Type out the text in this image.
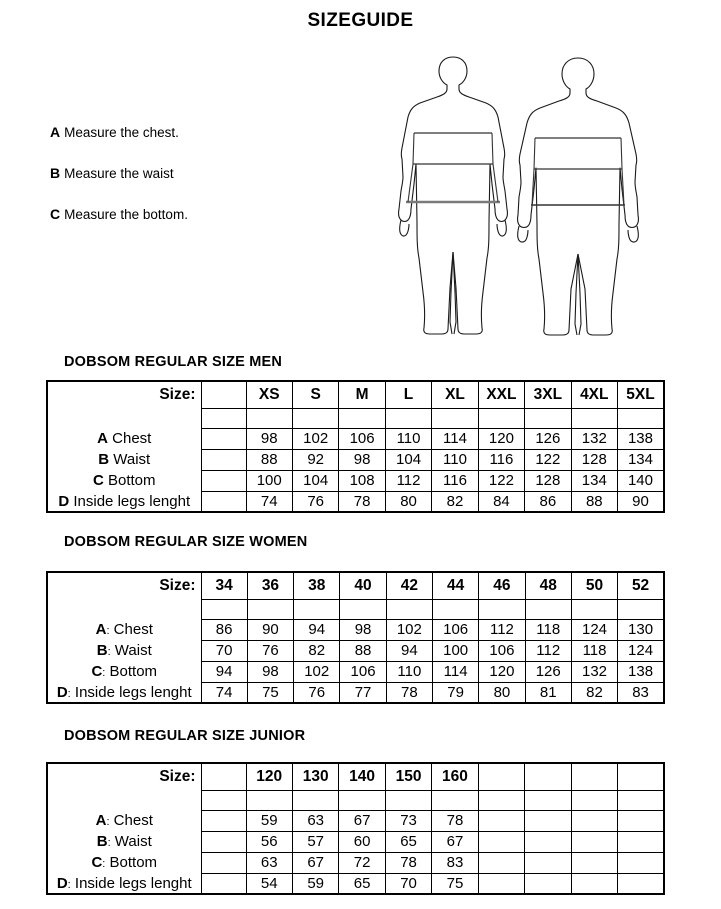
SIZEGUIDE
A Measure the chest.
B Measure the waist
C Measure the bottom.
DOBSOM REGULAR SIZE MEN
Size:		XS	S	M	L	XL	XXL	3XL	4XL	5XL

A Chest		98	102	106	110	114	120	126	132	138
B Waist		88	92	98	104	110	116	122	128	134
C Bottom		100	104	108	112	116	122	128	134	140
D Inside legs lenght		74	76	78	80	82	84	86	88	90
DOBSOM REGULAR SIZE WOMEN
Size:	34	36	38	40	42	44	46	48	50	52

A: Chest	86	90	94	98	102	106	112	118	124	130
B: Waist	70	76	82	88	94	100	106	112	118	124
C: Bottom	94	98	102	106	110	114	120	126	132	138
D: Inside legs lenght	74	75	76	77	78	79	80	81	82	83
DOBSOM REGULAR SIZE JUNIOR
Size:		120	130	140	150	160				

A: Chest		59	63	67	73	78				
B: Waist		56	57	60	65	67				
C: Bottom		63	67	72	78	83				
D: Inside legs lenght		54	59	65	70	75				
